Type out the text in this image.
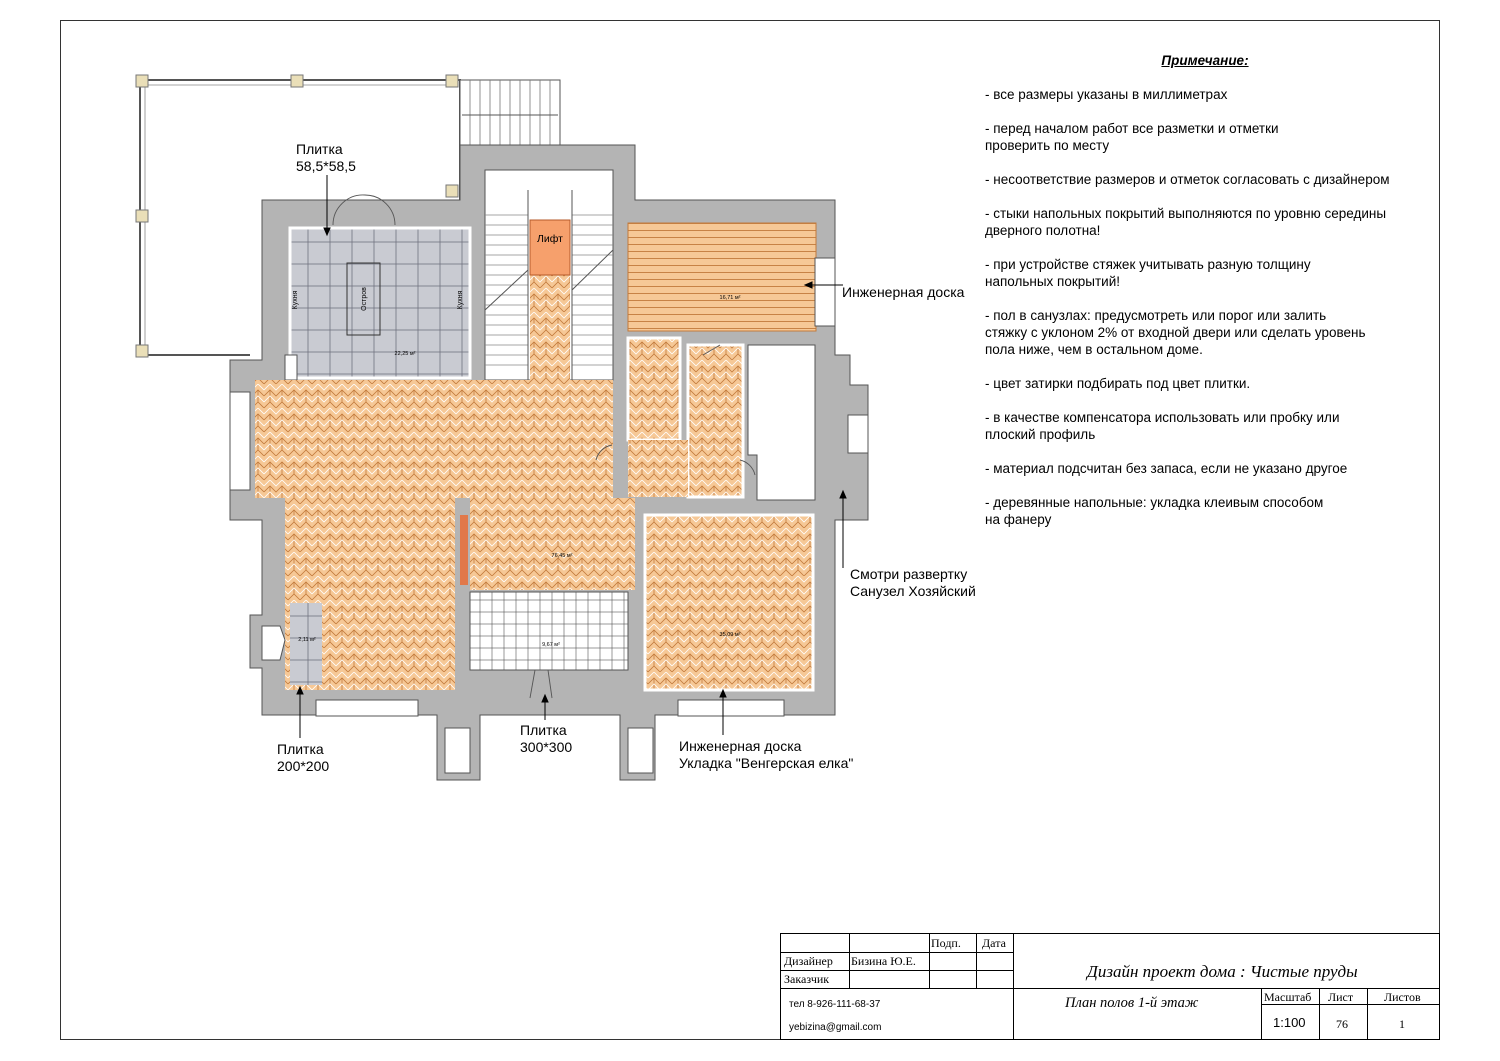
Лифт
Кухня	Остров	Кухня
22,25 м²
16,71 м²
76,45 м²
2,11 м²
9,67 м²
35,09 м²
Плитка
58,5*58,5
Инженерная доска
Смотри развертку
Санузел Хозяйский
Плитка
200*200
Плитка
300*300	Инженерная доска
Укладка "Венгерская елка"
Примечание:
- все размеры указаны в миллиметрах
- перед началом работ все разметки и отметки
проверить по месту
- несоответствие размеров и отметок согласовать с дизайнером
- стыки напольных покрытий выполняются по уровню середины
дверного полотна!
- при устройстве стяжек учитывать разную толщину
напольных покрытий!
- пол в санузлах: предусмотреть или порог или залить
стяжку с уклоном 2% от входной двери или сделать уровень
пола ниже, чем в остальном доме.
- цвет затирки подбирать под цвет плитки.
- в качестве компенсатора использовать или пробку или
плоский профиль
- материал подсчитан без запаса, если не указано другое
- деревянные напольные: укладка клеивым способом
на фанеру
Подп. Дата
Дизайнер Бизина Ю.Е.
Заказчик
тел 8-926-111-68-37
yebizina@gmail.com
Дизайн проект дома : Чистые пруды
План полов 1-й этаж	Масштаб Лист	Листов
1:100	76	1
